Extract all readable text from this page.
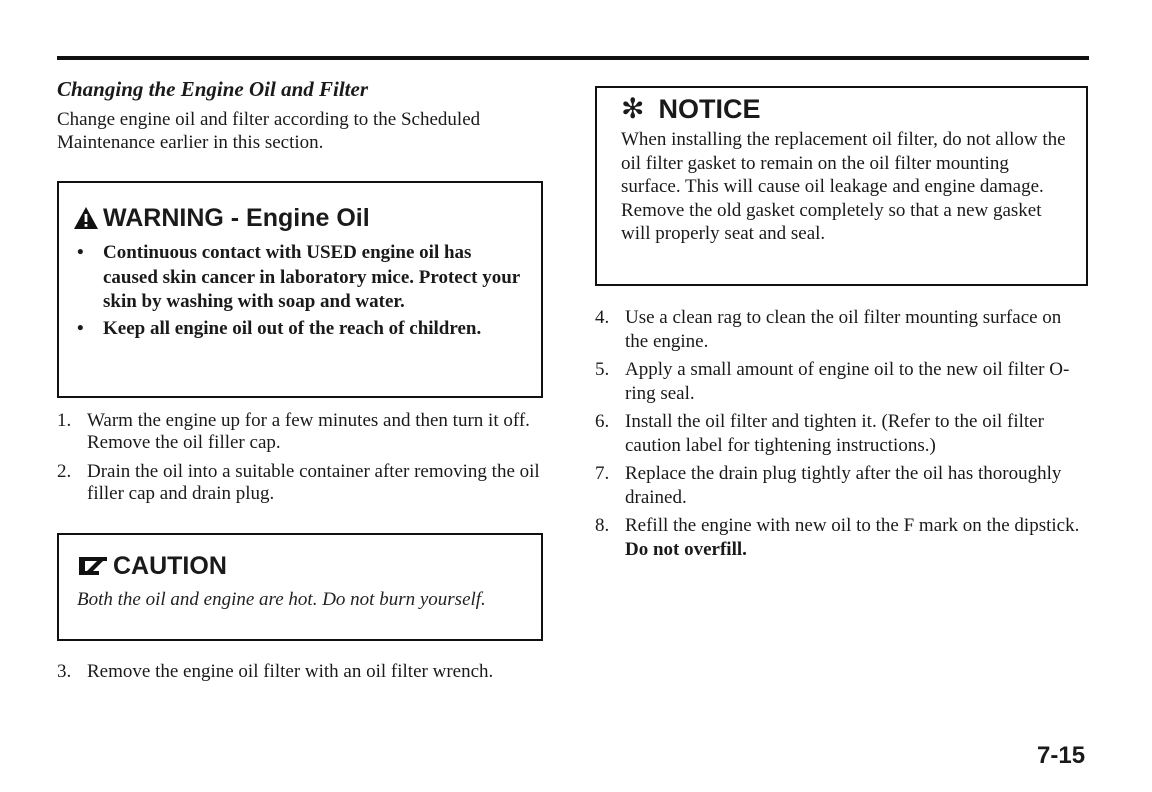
Changing the Engine Oil and Filter

Change engine oil and filter according to the Scheduled Maintenance earlier in this section.

WARNING - Engine Oil
• Continuous contact with USED engine oil has caused skin cancer in laboratory mice. Protect your skin by washing with soap and water.
• Keep all engine oil out of the reach of children.
1. Warm the engine up for a few minutes and then turn it off. Remove the oil filler cap.
2. Drain the oil into a suitable container after removing the oil filler cap and drain plug.
CAUTION

Both the oil and engine are hot. Do not burn yourself.

3. Remove the engine oil filter with an oil filter wrench.
✻ NOTICE

When installing the replacement oil filter, do not allow the oil filter gasket to remain on the oil filter mounting surface. This will cause oil leakage and engine damage. Remove the old gasket completely so that a new gasket will properly seat and seal.

4. Use a clean rag to clean the oil filter mounting surface on the engine.
5. Apply a small amount of engine oil to the new oil filter O-ring seal.
6. Install the oil filter and tighten it. (Refer to the oil filter caution label for tightening instructions.)
7. Replace the drain plug tightly after the oil has thoroughly drained.
8. Refill the engine with new oil to the F mark on the dipstick. Do not overfill.
7-15
